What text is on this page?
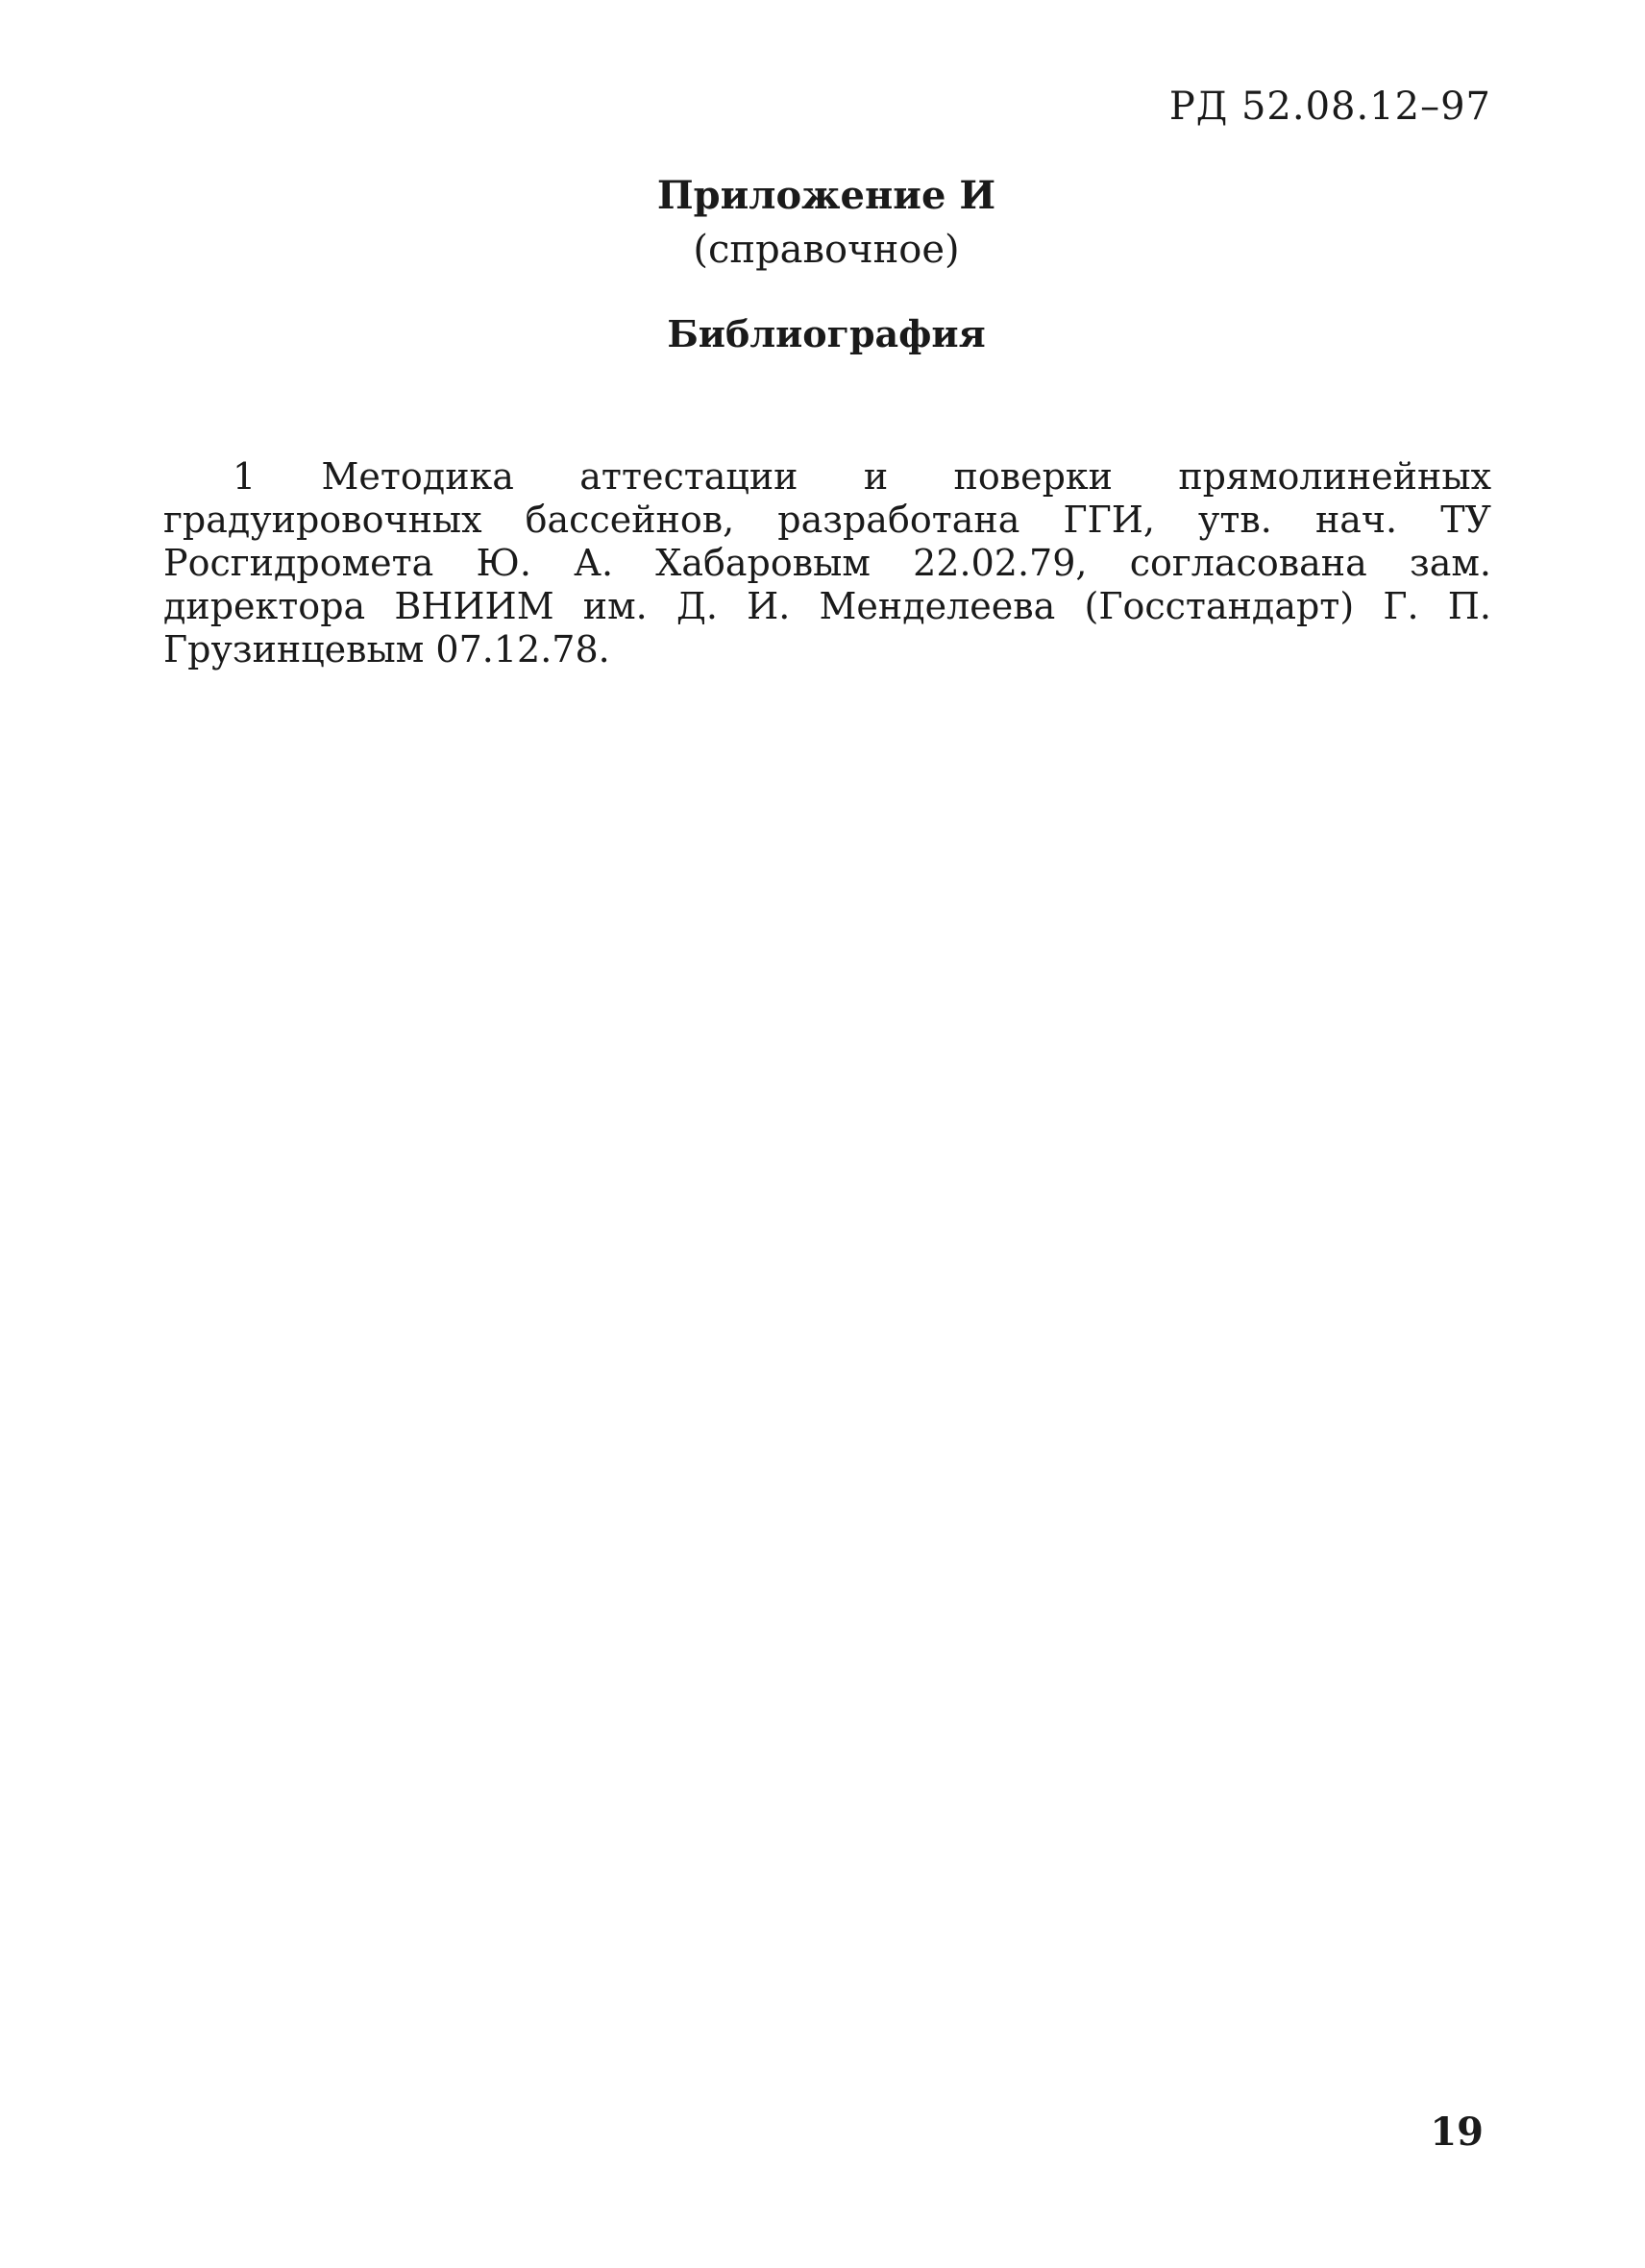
РД 52.08.12–97
Приложение И
(справочное)
Библиография

1 Методика аттестации и поверки прямолинейных градуировочных бассейнов, разработана ГГИ, утв. нач. ТУ Росгидромета Ю. А. Хабаровым 22.02.79, согласована зам. директора ВНИИМ им. Д. И. Менделеева (Госстандарт) Г. П. Грузинцевым 07.12.78.

19
